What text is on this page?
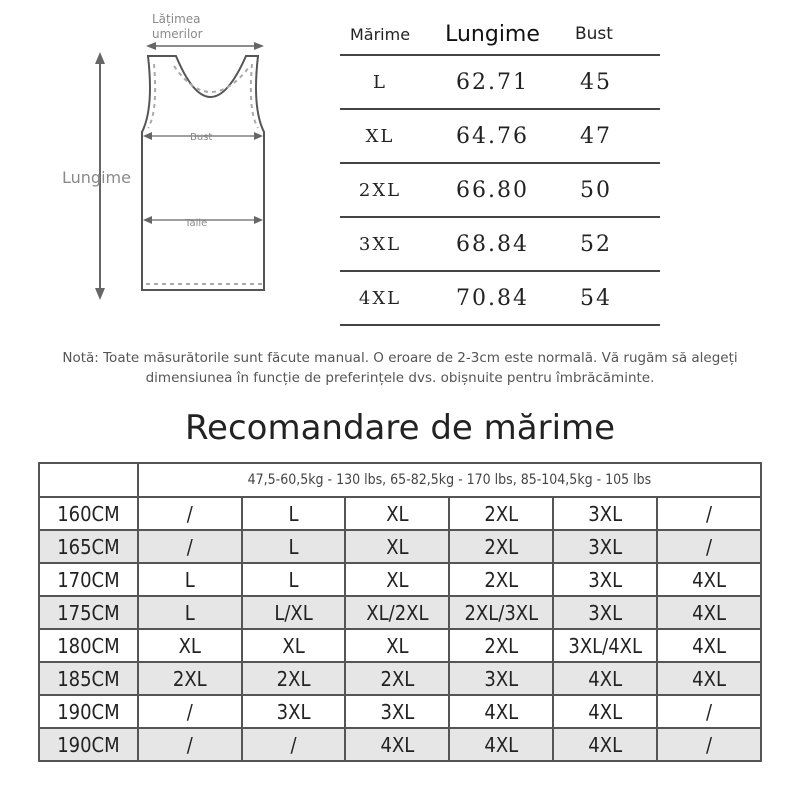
Lățimea umerilor
Lungime
Bust
Talie
Mărime	Lungime	Bust
L	62.71	45
XL	64.76	47
2XL	66.80	50
3XL	68.84	52
4XL	70.84	54
Notă: Toate măsurătorile sunt făcute manual. O eroare de 2-3cm este normală. Vă rugăm să alegeți dimensiunea în funcție de preferințele dvs. obișnuite pentru îmbrăcăminte.
Recomandare de mărime
	47,5-60,5kg - 130 lbs, 65-82,5kg - 170 lbs, 85-104,5kg - 105 lbs					
160CM	/	L	XL	2XL	3XL	/
165CM	/	L	XL	2XL	3XL	/
170CM	L	L	XL	2XL	3XL	4XL
175CM	L	L/XL	XL/2XL	2XL/3XL	3XL	4XL
180CM	XL	XL	XL	2XL	3XL/4XL	4XL
185CM	2XL	2XL	2XL	3XL	4XL	4XL
190CM	/	3XL	3XL	4XL	4XL	/
190CM	/	/	4XL	4XL	4XL	/
